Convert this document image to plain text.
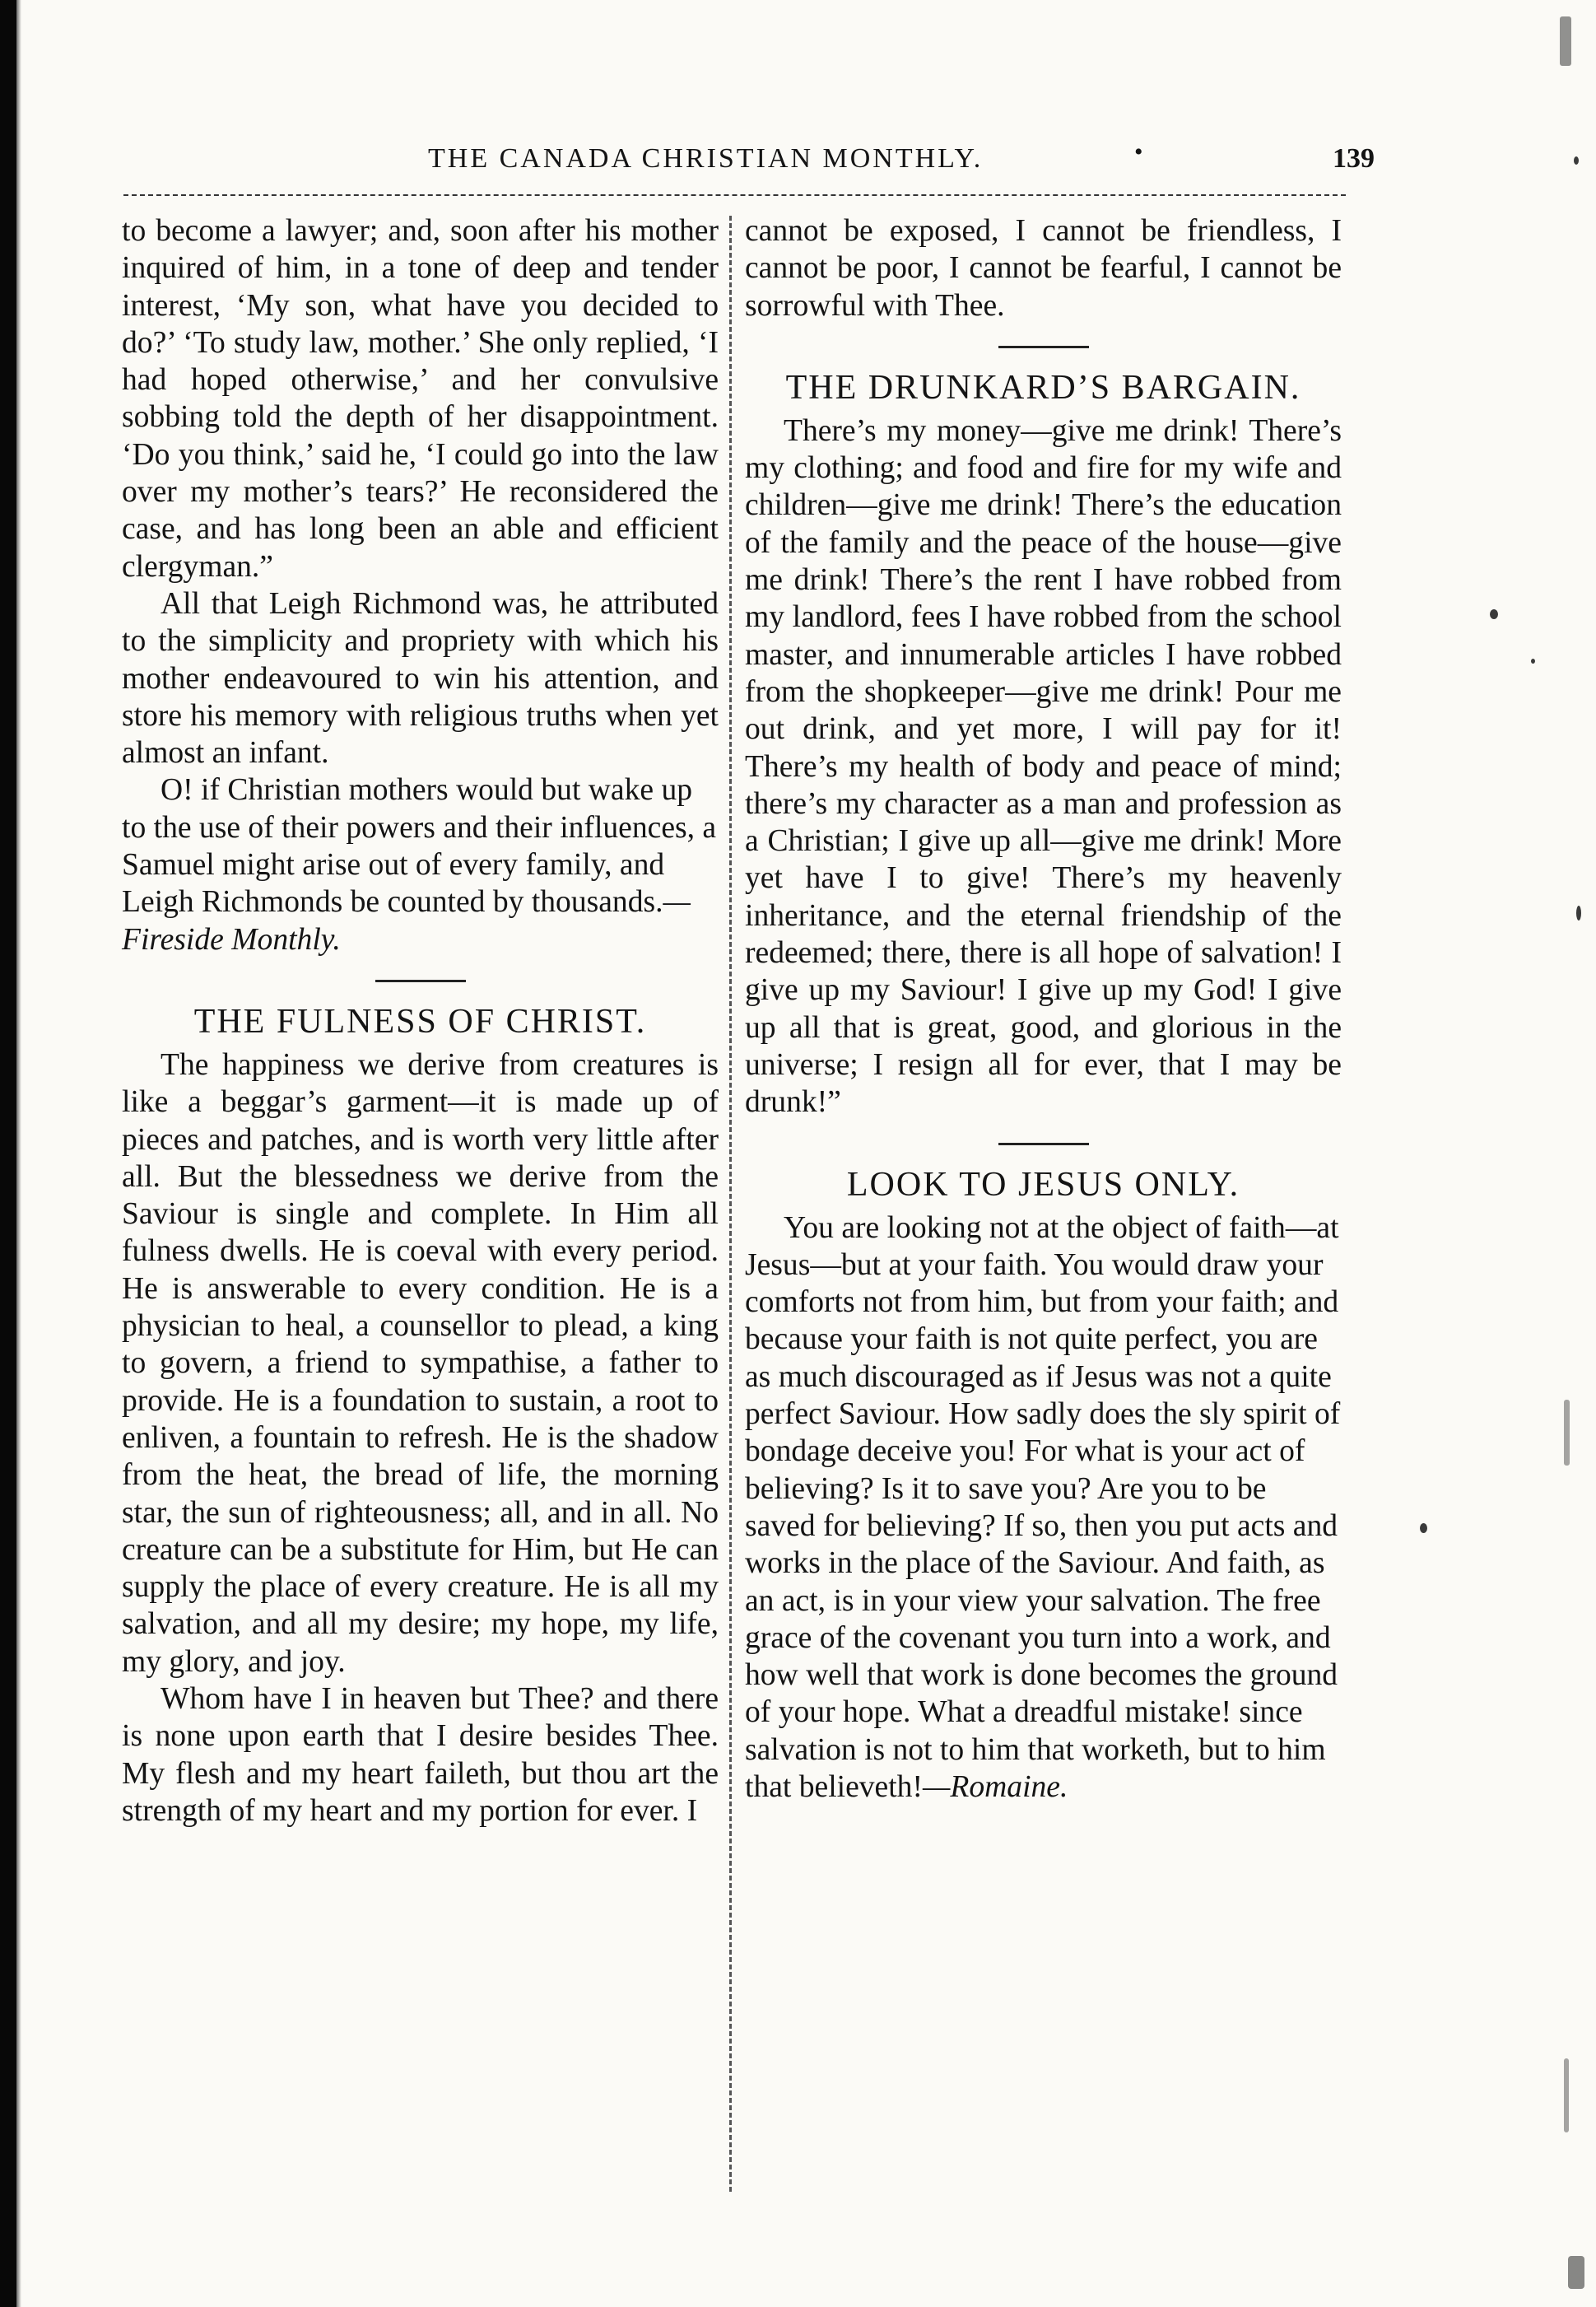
THE CANADA CHRISTIAN MONTHLY.	•	139

to become a lawyer; and, soon after his mother inquired of him, in a tone of deep and tender interest, ‘My son, what have you decided to do?’ ‘To study law, mother.’ She only replied, ‘I had hoped otherwise,’ and her convulsive sobbing told the depth of her disappointment. ‘Do you think,’ said he, ‘I could go into the law over my mother’s tears?’ He reconsidered the case, and has long been an able and efficient clergyman.”

All that Leigh Richmond was, he attributed to the simplicity and propriety with which his mother endeavoured to win his attention, and store his memory with religious truths when yet almost an infant.

O! if Christian mothers would but wake up to the use of their powers and their influences, a Samuel might arise out of every family, and Leigh Richmonds be counted by thousands.—Fireside Monthly.

THE FULNESS OF CHRIST.

The happiness we derive from creatures is like a beggar’s garment—it is made up of pieces and patches, and is worth very little after all. But the blessedness we derive from the Saviour is single and complete. In Him all fulness dwells. He is coeval with every period. He is answerable to every condition. He is a physician to heal, a counsellor to plead, a king to govern, a friend to sympathise, a father to provide. He is a foundation to sustain, a root to enliven, a fountain to refresh. He is the shadow from the heat, the bread of life, the morning star, the sun of righteousness; all, and in all. No creature can be a substitute for Him, but He can supply the place of every creature. He is all my salvation, and all my desire; my hope, my life, my glory, and joy.

Whom have I in heaven but Thee? and there is none upon earth that I desire besides Thee. My flesh and my heart faileth, but thou art the strength of my heart and my portion for ever. I

cannot be exposed, I cannot be friendless, I cannot be poor, I cannot be fearful, I cannot be sorrowful with Thee.

THE DRUNKARD’S BARGAIN.

There’s my money—give me drink! There’s my clothing; and food and fire for my wife and children—give me drink! There’s the education of the family and the peace of the house—give me drink! There’s the rent I have robbed from my landlord, fees I have robbed from the school master, and innumerable articles I have robbed from the shopkeeper—give me drink! Pour me out drink, and yet more, I will pay for it! There’s my health of body and peace of mind; there’s my character as a man and profession as a Christian; I give up all—give me drink! More yet have I to give! There’s my heavenly inheritance, and the eternal friendship of the redeemed; there, there is all hope of salvation! I give up my Saviour! I give up my God! I give up all that is great, good, and glorious in the universe; I resign all for ever, that I may be drunk!”

LOOK TO JESUS ONLY.

You are looking not at the object of faith—at Jesus—but at your faith. You would draw your comforts not from him, but from your faith; and because your faith is not quite perfect, you are as much discouraged as if Jesus was not a quite perfect Saviour. How sadly does the sly spirit of bondage deceive you! For what is your act of believing? Is it to save you? Are you to be saved for believing? If so, then you put acts and works in the place of the Saviour. And faith, as an act, is in your view your salvation. The free grace of the covenant you turn into a work, and how well that work is done becomes the ground of your hope. What a dreadful mistake! since salvation is not to him that worketh, but to him that believeth!—Romaine.
